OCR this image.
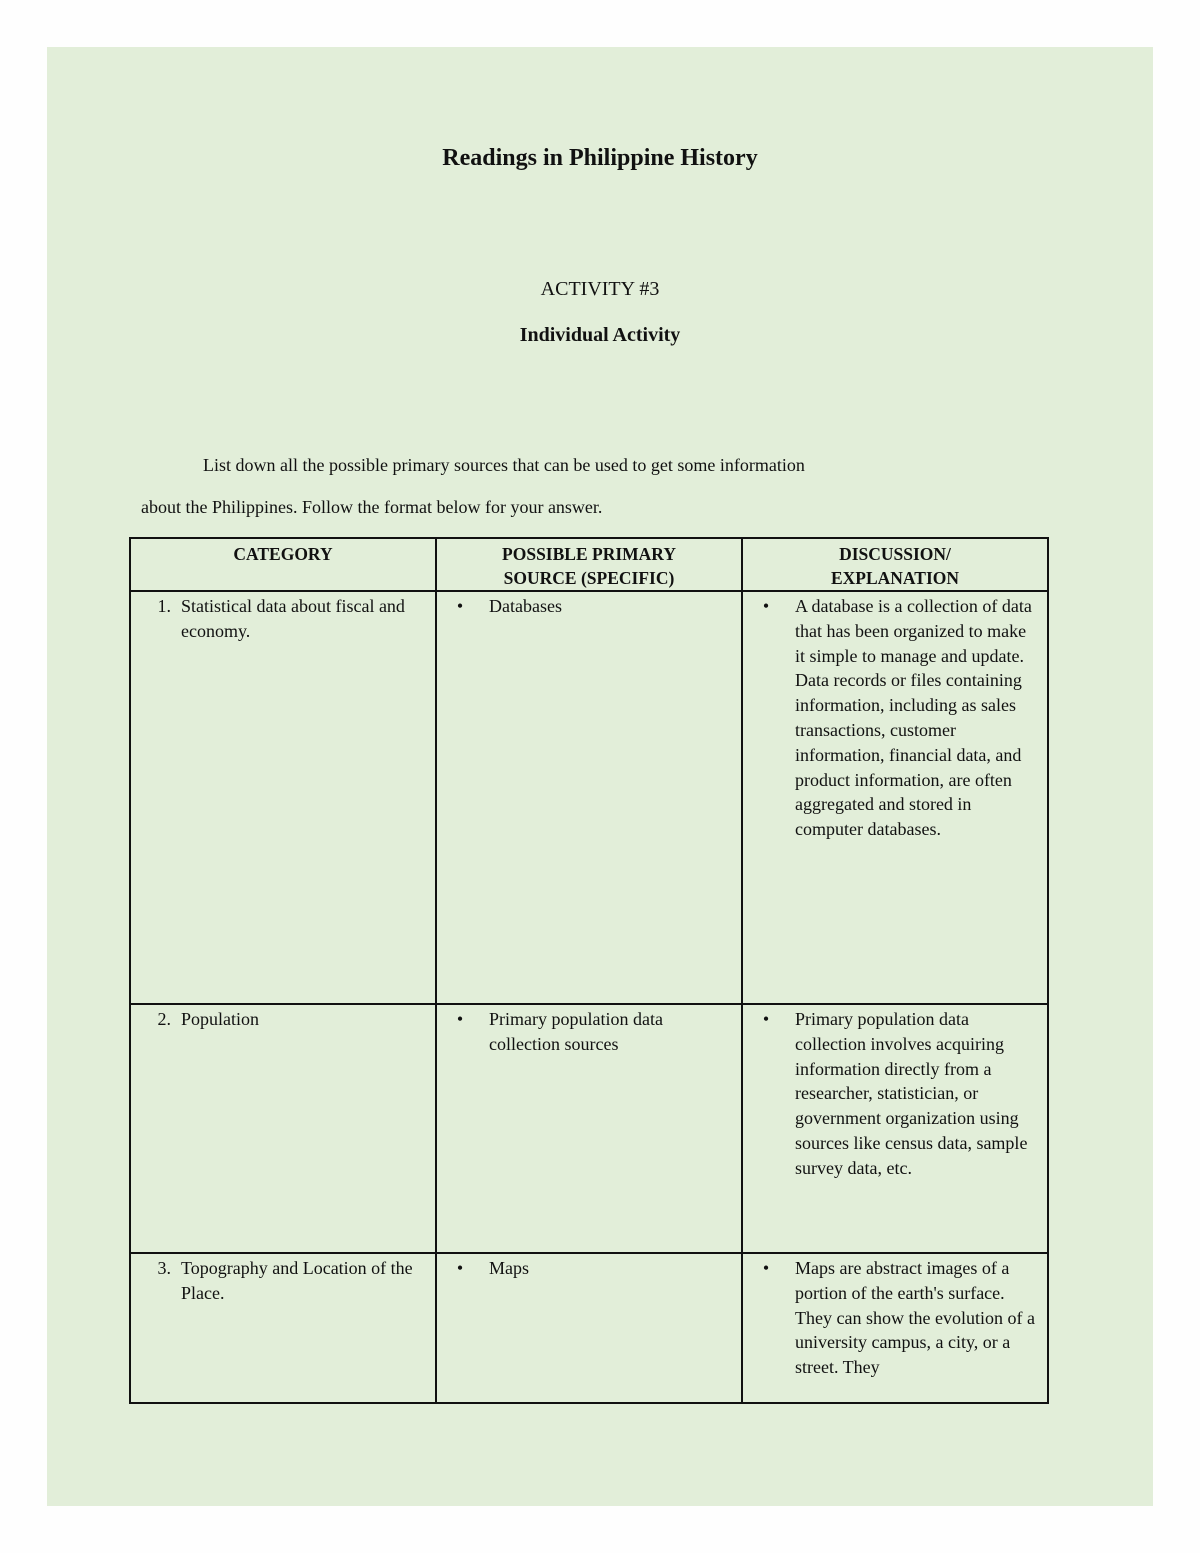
Readings in Philippine History
ACTIVITY #3
Individual Activity
List down all the possible primary sources that can be used to get some information
about the Philippines. Follow the format below for your answer.
CATEGORY	POSSIBLE PRIMARY SOURCE (SPECIFIC)	DISCUSSION/ EXPLANATION

1. Statistical data about fiscal and economy.	• Databases	• A database is a collection of data that has been organized to make it simple to manage and update. Data records or files containing information, including as sales transactions, customer information, financial data, and product information, are often aggregated and stored in computer databases.

2. Population	• Primary population data collection sources	• Primary population data collection involves acquiring information directly from a researcher, statistician, or government organization using sources like census data, sample survey data, etc.

3. Topography and Location of the Place.	• Maps	• Maps are abstract images of a portion of the earth's surface. They can show the evolution of a university campus, a city, or a street. They
